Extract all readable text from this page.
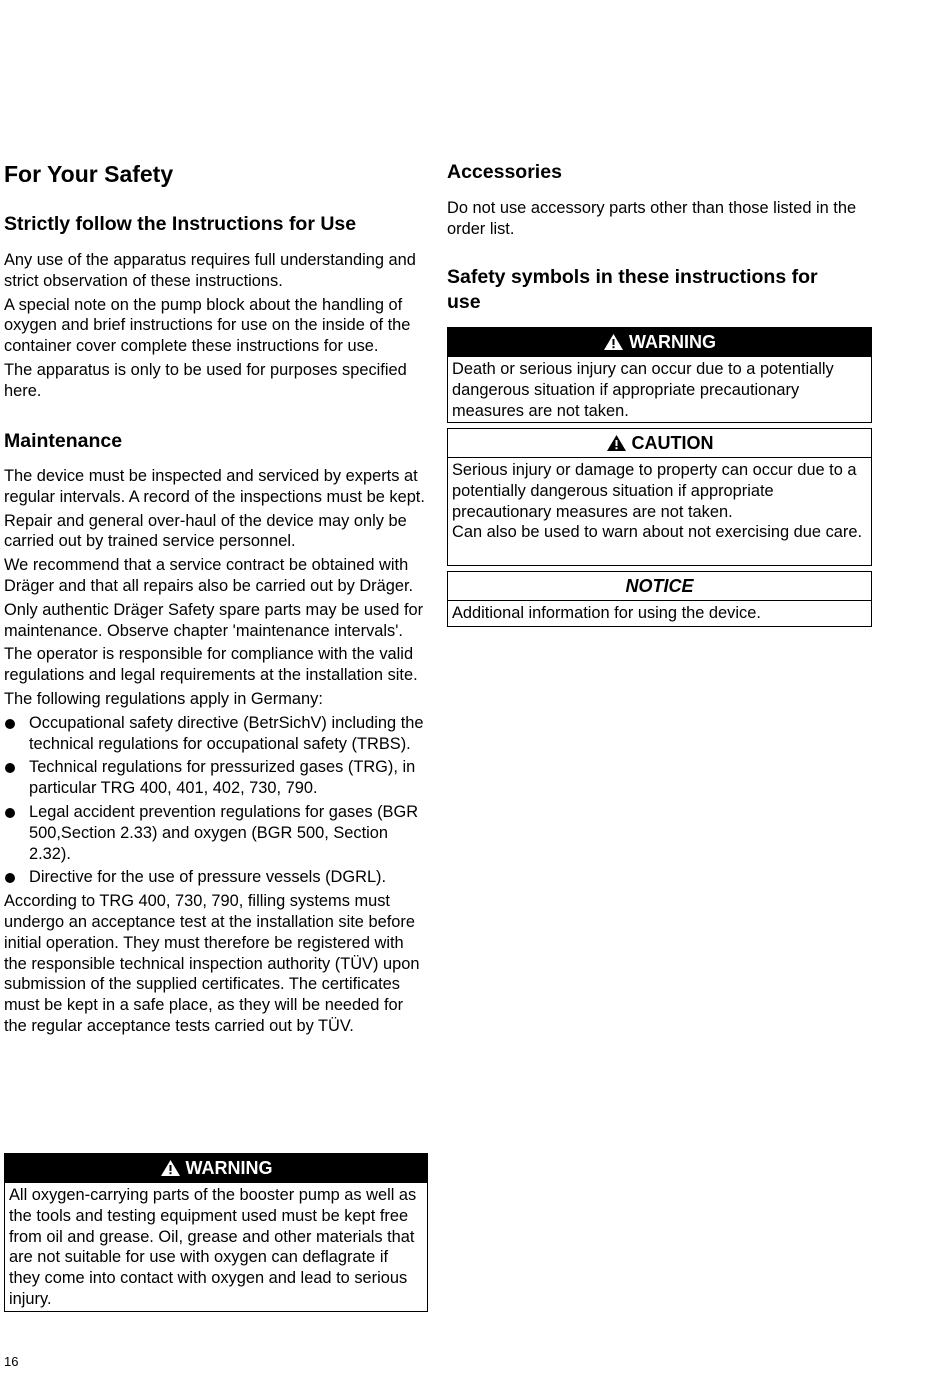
For Your Safety
Strictly follow the Instructions for Use

Any use of the apparatus requires full understanding and strict observation of these instructions.

A special note on the pump block about the handling of oxygen and brief instructions for use on the inside of the container cover complete these instructions for use.

The apparatus is only to be used for purposes specified here.

Maintenance

The device must be inspected and serviced by experts at regular intervals. A record of the inspections must be kept.

Repair and general over-haul of the device may only be carried out by trained service personnel.

We recommend that a service contract be obtained with Dräger and that all repairs also be carried out by Dräger.

Only authentic Dräger Safety spare parts may be used for maintenance. Observe chapter 'maintenance intervals'.

The operator is responsible for compliance with the valid regulations and legal requirements at the installation site.

The following regulations apply in Germany:

Occupational safety directive (BetrSichV) including the technical regulations for occupational safety (TRBS).
Technical regulations for pressurized gases (TRG), in particular TRG 400, 401, 402, 730, 790.
Legal accident prevention regulations for gases (BGR 500,Section 2.33) and oxygen (BGR 500, Section 2.32).
Directive for the use of pressure vessels (DGRL).

According to TRG 400, 730, 790, filling systems must undergo an acceptance test at the installation site before initial operation. They must therefore be registered with the responsible technical inspection authority (TÜV) upon submission of the supplied certificates. The certificates must be kept in a safe place, as they will be needed for the regular acceptance tests carried out by TÜV.

WARNING

All oxygen-carrying parts of the booster pump as well as the tools and testing equipment used must be kept free from oil and grease. Oil, grease and other materials that are not suitable for use with oxygen can deflagrate if they come into contact with oxygen and lead to serious injury.

Accessories

Do not use accessory parts other than those listed in the order list.

Safety symbols in these instructions for use
WARNING

Death or serious injury can occur due to a potentially dangerous situation if appropriate precautionary measures are not taken.

CAUTION

Serious injury or damage to property can occur due to a potentially dangerous situation if appropriate precautionary measures are not taken.

Can also be used to warn about not exercising due care.

NOTICE

Additional information for using the device.

16
